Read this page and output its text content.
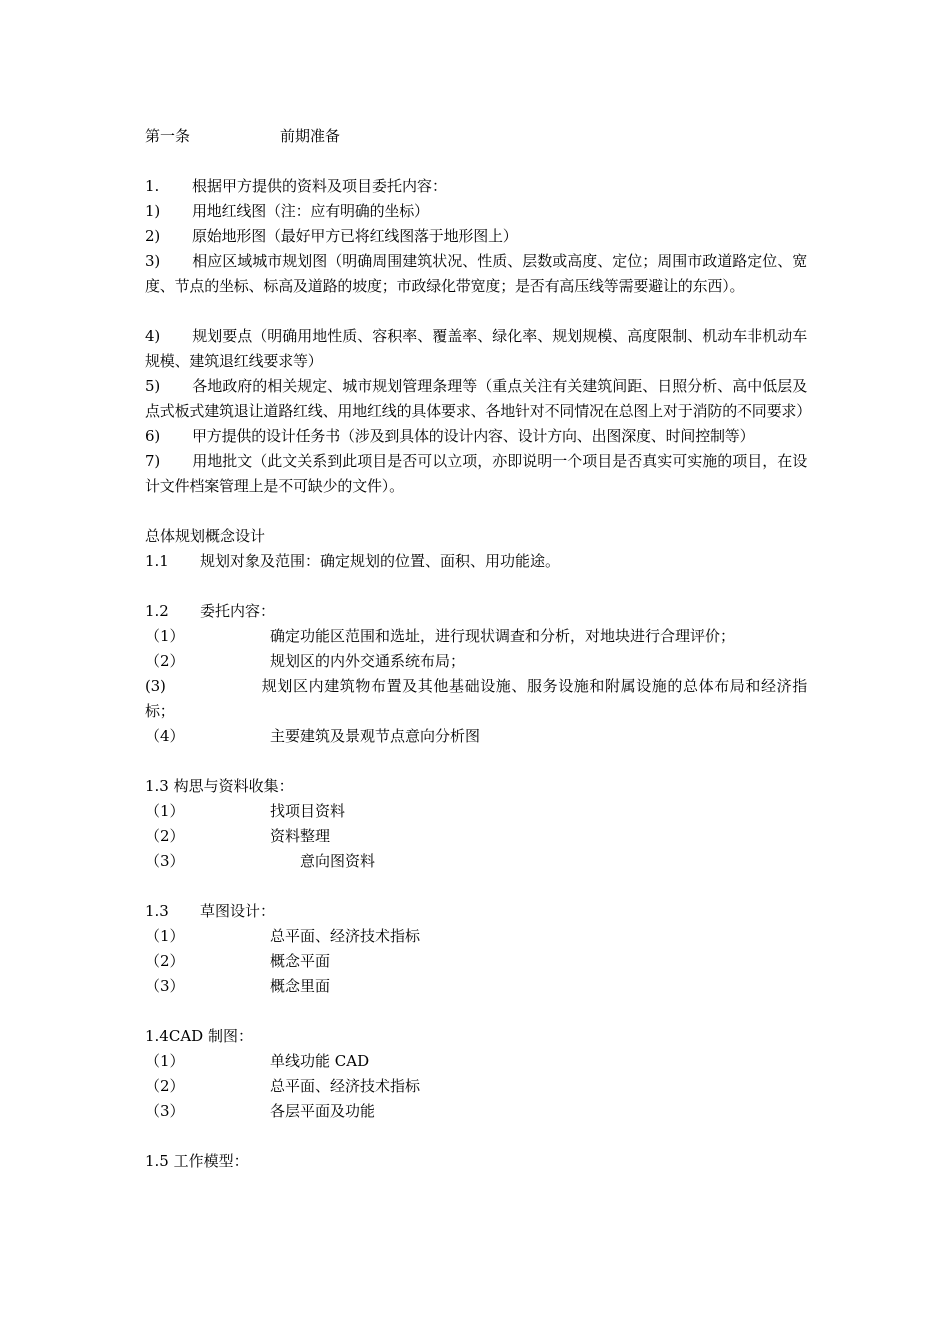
第一条	前期准备
1. 根据甲方提供的资料及项目委托内容：
1) 用地红线图（注：应有明确的坐标）
2) 原始地形图（最好甲方已将红线图落于地形图上）
3) 相应区域城市规划图（明确周围建筑状况、性质、层数或高度、定位；周围市政道路定位、宽度、节点的坐标、标高及道路的坡度；市政绿化带宽度；是否有高压线等需要避让的东西）。
4) 规划要点（明确用地性质、容积率、覆盖率、绿化率、规划规模、高度限制、机动车非机动车规模、建筑退红线要求等）
5) 各地政府的相关规定、城市规划管理条理等（重点关注有关建筑间距、日照分析、高中低层及点式板式建筑退让道路红线、用地红线的具体要求、各地针对不同情况在总图上对于消防的不同要求）
6) 甲方提供的设计任务书（涉及到具体的设计内容、设计方向、出图深度、时间控制等）
7) 用地批文（此文关系到此项目是否可以立项，亦即说明一个项目是否真实可实施的项目，在设计文件档案管理上是不可缺少的文件）。
总体规划概念设计
1.1 规划对象及范围：确定规划的位置、面积、用功能途。
1.2 委托内容：
（1）	确定功能区范围和选址，进行现状调查和分析，对地块进行合理评价；
（2）	规划区的内外交通系统布局；
(3)	规划区内建筑物布置及其他基础设施、服务设施和附属设施的总体布局和经济指标；
（4）	主要建筑及景观节点意向分析图
1.3 构思与资料收集：
（1）	找项目资料
（2）	资料整理
（3）	意向图资料
1.3 草图设计：
（1）	总平面、经济技术指标
（2）	概念平面
（3）	概念里面
1.4CAD 制图：
（1）	单线功能 CAD
（2）	总平面、经济技术指标
（3）	各层平面及功能
1.5 工作模型：
